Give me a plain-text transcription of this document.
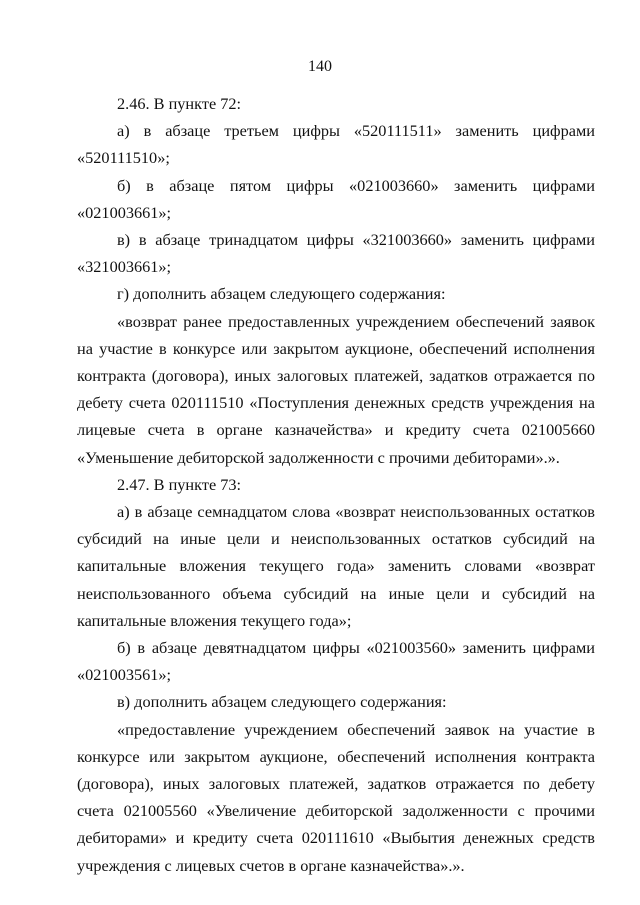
140

2.46. В пункте 72:

а) в абзаце третьем цифры «520111511» заменить цифрами «520111510»;

б) в абзаце пятом цифры «021003660» заменить цифрами «021003661»;

в) в абзаце тринадцатом цифры «321003660» заменить цифрами «321003661»;

г) дополнить абзацем следующего содержания:

«возврат ранее предоставленных учреждением обеспечений заявок на участие в конкурсе или закрытом аукционе, обеспечений исполнения контракта (договора), иных залоговых платежей, задатков отражается по дебету счета 020111510 «Поступления денежных средств учреждения на лицевые счета в органе казначейства» и кредиту счета 021005660 «Уменьшение дебиторской задолженности с прочими дебиторами».».

2.47. В пункте 73:

а) в абзаце семнадцатом слова «возврат неиспользованных остатков субсидий на иные цели и неиспользованных остатков субсидий на капитальные вложения текущего года» заменить словами «возврат неиспользованного объема субсидий на иные цели и субсидий на капитальные вложения текущего года»;

б) в абзаце девятнадцатом цифры «021003560» заменить цифрами «021003561»;

в) дополнить абзацем следующего содержания:

«предоставление учреждением обеспечений заявок на участие в конкурсе или закрытом аукционе, обеспечений исполнения контракта (договора), иных залоговых платежей, задатков отражается по дебету счета 021005560 «Увеличение дебиторской задолженности с прочими дебиторами» и кредиту счета 020111610 «Выбытия денежных средств учреждения с лицевых счетов в органе казначейства».».
